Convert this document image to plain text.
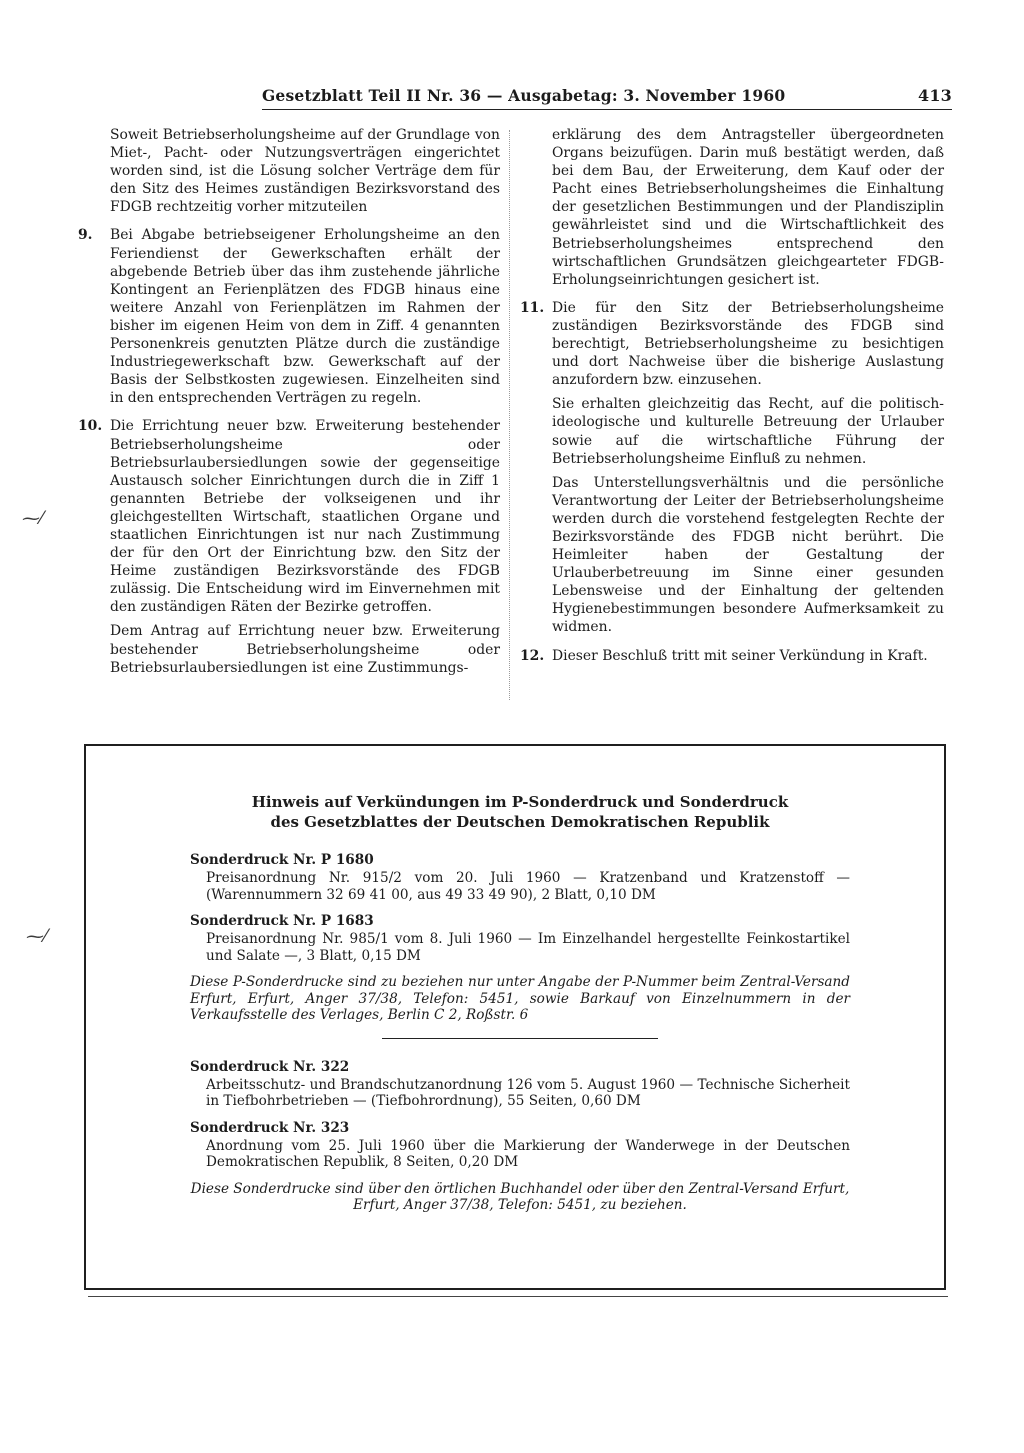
Gesetzblatt Teil II Nr. 36 — Ausgabetag: 3. November 1960	413
⁓⁄
⁓⁄

Soweit Betriebserholungsheime auf der Grundlage von Miet-, Pacht- oder Nutzungsverträgen eingerichtet worden sind, ist die Lösung solcher Verträge dem für den Sitz des Heimes zuständigen Bezirksvorstand des FDGB rechtzeitig vorher mitzuteilen

9. Bei Abgabe betriebseigener Erholungsheime an den Feriendienst der Gewerkschaften erhält der abgebende Betrieb über das ihm zustehende jährliche Kontingent an Ferienplätzen des FDGB hinaus eine weitere Anzahl von Ferienplätzen im Rahmen der bisher im eigenen Heim von dem in Ziff. 4 genannten Personenkreis genutzten Plätze durch die zuständige Industriegewerkschaft bzw. Gewerkschaft auf der Basis der Selbstkosten zugewiesen. Einzelheiten sind in den entsprechenden Verträgen zu regeln.
10. Die Errichtung neuer bzw. Erweiterung bestehender Betriebserholungsheime oder Betriebsurlaubersiedlungen sowie der gegenseitige Austausch solcher Einrichtungen durch die in Ziff 1 genannten Betriebe der volkseigenen und ihr gleichgestellten Wirtschaft, staatlichen Organe und staatlichen Einrichtungen ist nur nach Zustimmung der für den Ort der Einrichtung bzw. den Sitz der Heime zuständigen Bezirksvorstände des FDGB zulässig. Die Entscheidung wird im Einvernehmen mit den zuständigen Räten der Bezirke getroffen.
Dem Antrag auf Errichtung neuer bzw. Erweiterung bestehender Betriebserholungsheime oder Betriebsurlaubersiedlungen ist eine Zustimmungs-

erklärung des dem Antragsteller übergeordneten Organs beizufügen. Darin muß bestätigt werden, daß bei dem Bau, der Erweiterung, dem Kauf oder der Pacht eines Betriebserholungsheimes die Einhaltung der gesetzlichen Bestimmungen und der Plandisziplin gewährleistet sind und die Wirtschaftlichkeit des Betriebserholungsheimes entsprechend den wirtschaftlichen Grundsätzen gleichgearteter FDGB-Erholungseinrichtungen gesichert ist.

11. Die für den Sitz der Betriebserholungsheime zuständigen Bezirksvorstände des FDGB sind berechtigt, Betriebserholungsheime zu besichtigen und dort Nachweise über die bisherige Auslastung anzufordern bzw. einzusehen.
Sie erhalten gleichzeitig das Recht, auf die politisch-ideologische und kulturelle Betreuung der Urlauber sowie auf die wirtschaftliche Führung der Betriebserholungsheime Einfluß zu nehmen.
Das Unterstellungsverhältnis und die persönliche Verantwortung der Leiter der Betriebserholungsheime werden durch die vorstehend festgelegten Rechte der Bezirksvorstände des FDGB nicht berührt. Die Heimleiter haben der Gestaltung der Urlauberbetreuung im Sinne einer gesunden Lebensweise und der Einhaltung der geltenden Hygienebestimmungen besondere Aufmerksamkeit zu widmen.
12. Dieser Beschluß tritt mit seiner Verkündung in Kraft.
Hinweis auf Verkündungen im P-Sonderdruck und Sonderdruck
des Gesetzblattes der Deutschen Demokratischen Republik
Sonderdruck Nr. P 1680
Preisanordnung Nr. 915/2 vom 20. Juli 1960 — Kratzenband und Kratzenstoff — (Warennummern 32 69 41 00, aus 49 33 49 90), 2 Blatt, 0,10 DM
Sonderdruck Nr. P 1683
Preisanordnung Nr. 985/1 vom 8. Juli 1960 — Im Einzelhandel hergestellte Feinkostartikel und Salate —, 3 Blatt, 0,15 DM
Diese P-Sonderdrucke sind zu beziehen nur unter Angabe der P-Nummer beim Zentral-Versand Erfurt, Erfurt, Anger 37/38, Telefon: 5451, sowie Barkauf von Einzelnummern in der Verkaufsstelle des Verlages, Berlin C 2, Roßstr. 6
Sonderdruck Nr. 322
Arbeitsschutz- und Brandschutzanordnung 126 vom 5. August 1960 — Technische Sicherheit in Tiefbohrbetrieben — (Tiefbohrordnung), 55 Seiten, 0,60 DM
Sonderdruck Nr. 323
Anordnung vom 25. Juli 1960 über die Markierung der Wanderwege in der Deutschen Demokratischen Republik, 8 Seiten, 0,20 DM
Diese Sonderdrucke sind über den örtlichen Buchhandel oder über den Zentral-Versand Erfurt, Erfurt, Anger 37/38, Telefon: 5451, zu beziehen.
